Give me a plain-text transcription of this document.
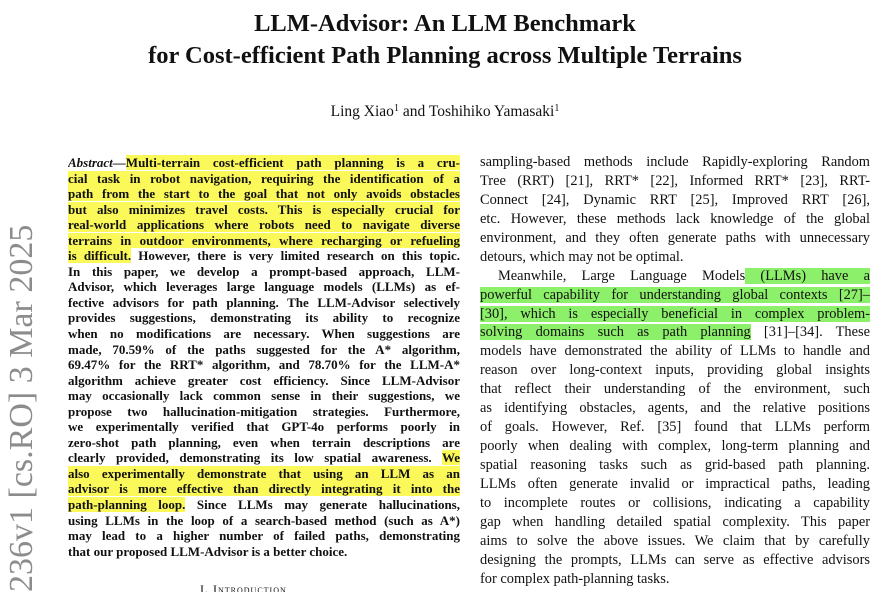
LLM-Advisor: An LLM Benchmark
for Cost-efficient Path Planning across Multiple Terrains
Ling Xiao$^1$ and Toshihiko Yamasaki$^1$
236v1 [cs.RO] 3 Mar 2025
Abstract—Multi-terrain cost-efficient path planning is a cru-
cial task in robot navigation, requiring the identification of a
path from the start to the goal that not only avoids obstacles
but also minimizes travel costs. This is especially crucial for
real-world applications where robots need to navigate diverse
terrains in outdoor environments, where recharging or refueling
is difficult. However, there is very limited research on this topic.
In this paper, we develop a prompt-based approach, LLM-
Advisor, which leverages large language models (LLMs) as ef-
fective advisors for path planning. The LLM-Advisor selectively
provides suggestions, demonstrating its ability to recognize
when no modifications are necessary. When suggestions are
made, 70.59% of the paths suggested for the A* algorithm,
69.47% for the RRT* algorithm, and 78.70% for the LLM-A*
algorithm achieve greater cost efficiency. Since LLM-Advisor
may occasionally lack common sense in their suggestions, we
propose two hallucination-mitigation strategies. Furthermore,
we experimentally verified that GPT-4o performs poorly in
zero-shot path planning, even when terrain descriptions are
clearly provided, demonstrating its low spatial awareness. We
also experimentally demonstrate that using an LLM as an
advisor is more effective than directly integrating it into the
path-planning loop. Since LLMs may generate hallucinations,
using LLMs in the loop of a search-based method (such as A*)
may lead to a higher number of failed paths, demonstrating
that our proposed LLM-Advisor is a better choice.
sampling-based methods include Rapidly-exploring Random
Tree (RRT) [21], RRT* [22], Informed RRT* [23], RRT-
Connect [24], Dynamic RRT [25], Improved RRT [26],
etc. However, these methods lack knowledge of the global
environment, and they often generate paths with unnecessary
detours, which may not be optimal.
Meanwhile, Large Language Models (LLMs) have a
powerful capability for understanding global contexts [27]–
[30], which is especially beneficial in complex problem-
solving domains such as path planning [31]–[34]. These
models have demonstrated the ability of LLMs to handle and
reason over long-context inputs, providing global insights
that reflect their understanding of the environment, such
as identifying obstacles, agents, and the relative positions
of goals. However, Ref. [35] found that LLMs perform
poorly when dealing with complex, long-term planning and
spatial reasoning tasks such as grid-based path planning.
LLMs often generate invalid or impractical paths, leading
to incomplete routes or collisions, indicating a capability
gap when handling detailed spatial complexity. This paper
aims to solve the above issues. We claim that by carefully
designing the prompts, LLMs can serve as effective advisors
for complex path-planning tasks.
I. Introduction
